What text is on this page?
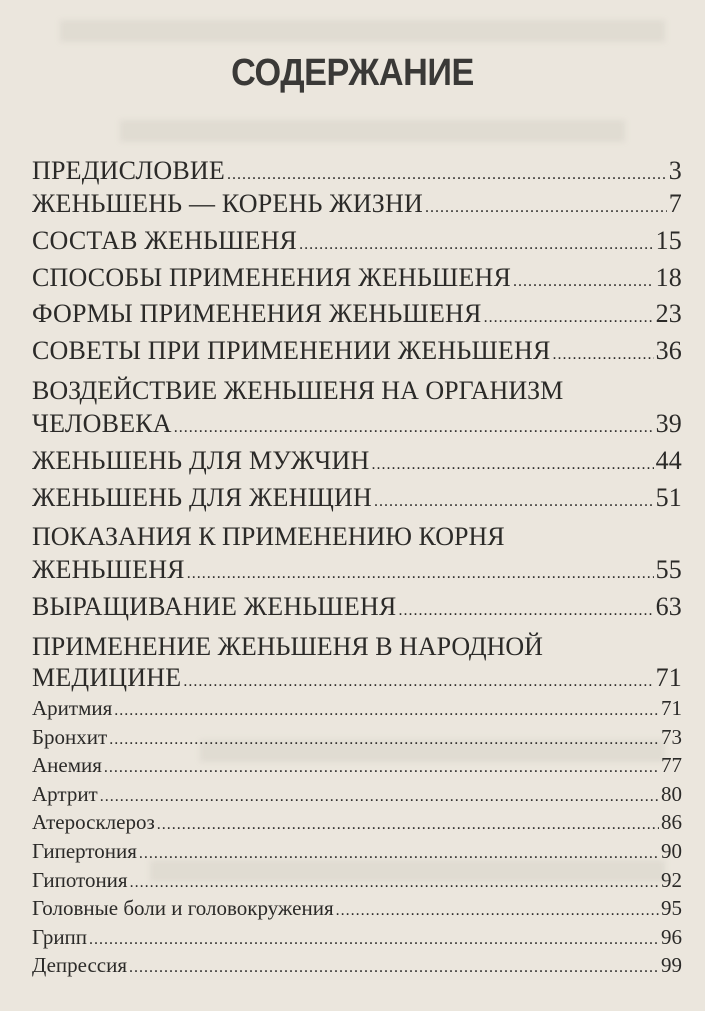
СОДЕРЖАНИЕ
ПРЕДИСЛОВИЕ .....	3
ЖЕНЬШЕНЬ — КОРЕНЬ ЖИЗНИ .....	7
СОСТАВ ЖЕНЬШЕНЯ .....	15
СПОСОБЫ ПРИМЕНЕНИЯ ЖЕНЬШЕНЯ .....	18
ФОРМЫ ПРИМЕНЕНИЯ ЖЕНЬШЕНЯ .....	23
СОВЕТЫ ПРИ ПРИМЕНЕНИИ ЖЕНЬШЕНЯ .....	36
ВОЗДЕЙСТВИЕ ЖЕНЬШЕНЯ НА ОРГАНИЗМ
ЧЕЛОВЕКА .....	39
ЖЕНЬШЕНЬ ДЛЯ МУЖЧИН .....	44
ЖЕНЬШЕНЬ ДЛЯ ЖЕНЩИН .....	51
ПОКАЗАНИЯ К ПРИМЕНЕНИЮ КОРНЯ
ЖЕНЬШЕНЯ .....	55
ВЫРАЩИВАНИЕ ЖЕНЬШЕНЯ .....	63
ПРИМЕНЕНИЕ ЖЕНЬШЕНЯ В НАРОДНОЙ
МЕДИЦИНЕ .....	71
Аритмия .....	71
Бронхит .....	73
Анемия .....	77
Артрит .....	80
Атеросклероз .....	86
Гипертония .....	90
Гипотония .....	92
Головные боли и головокружения .....	95
Грипп .....	96
Депрессия .....	99
